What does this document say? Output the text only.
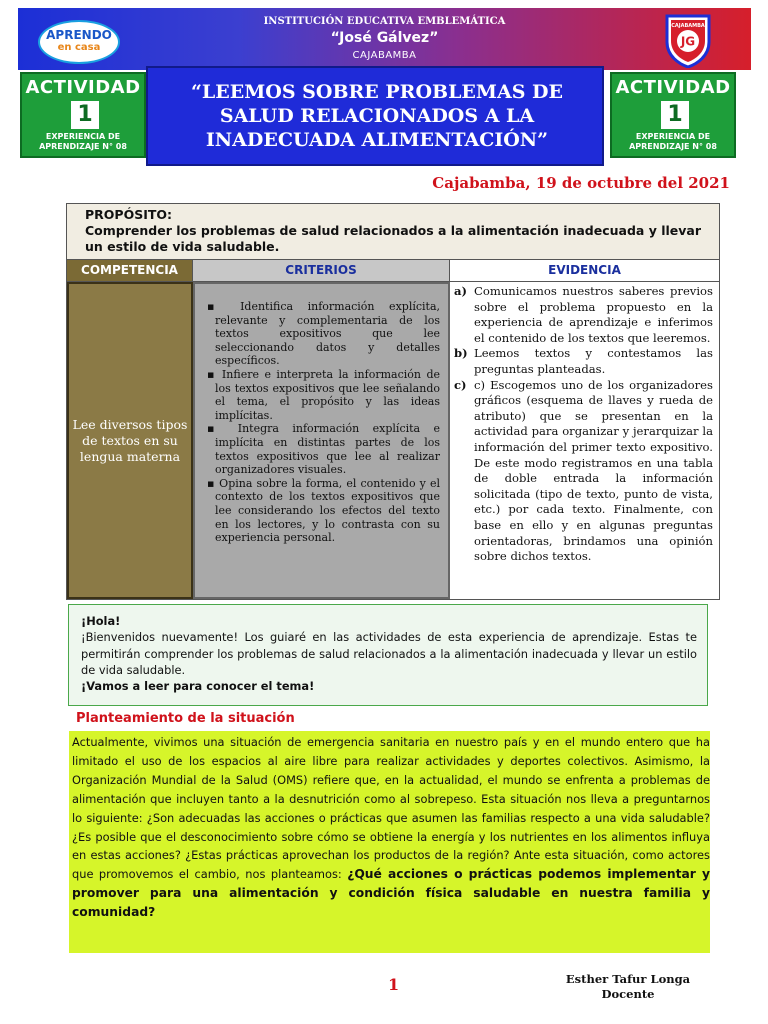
INSTITUCIÓN EDUCATIVA EMBLEMÁTICA
“José Gálvez”
CAJABAMBA
APRENDO
en casa	JG
CAJABAMBA
ACTIVIDAD
1
EXPERIENCIA DE
APRENDIZAJE N° 08
“LEEMOS SOBRE PROBLEMAS DE SALUD RELACIONADOS A LA INADECUADA ALIMENTACIÓN”
ACTIVIDAD
1
EXPERIENCIA DE
APRENDIZAJE N° 08
Cajabamba, 19 de octubre del 2021
PROPÓSITO:
Comprender los problemas de salud relacionados a la alimentación inadecuada y llevar un estilo de vida saludable.
COMPETENCIA	CRITERIOS	EVIDENCIA
Lee diversos tipos de textos en su lengua materna
▪ Identifica información explícita, relevante y complementaria de los textos expositivos que lee seleccionando datos y detalles específicos.
▪ Infiere e interpreta la información de los textos expositivos que lee señalando el tema, el propósito y las ideas implícitas.
▪ Integra información explícita e implícita en distintas partes de los textos expositivos que lee al realizar organizadores visuales.
▪ Opina sobre la forma, el contenido y el contexto de los textos expositivos que lee considerando los efectos del texto en los lectores, y lo contrasta con su experiencia personal.
a) Comunicamos nuestros saberes previos sobre el problema propuesto en la experiencia de aprendizaje e inferimos el contenido de los textos que leeremos.
b) Leemos textos y contestamos las preguntas planteadas.
c) c) Escogemos uno de los organizadores gráficos (esquema de llaves y rueda de atributo) que se presentan en la actividad para organizar y jerarquizar la información del primer texto expositivo. De este modo registramos en una tabla de doble entrada la información solicitada (tipo de texto, punto de vista, etc.) por cada texto. Finalmente, con base en ello y en algunas preguntas orientadoras, brindamos una opinión sobre dichos textos.
¡Hola!
¡Bienvenidos nuevamente! Los guiaré en las actividades de esta experiencia de aprendizaje. Estas te permitirán comprender los problemas de salud relacionados a la alimentación inadecuada y llevar un estilo de vida saludable.
¡Vamos a leer para conocer el tema!
Planteamiento de la situación
Actualmente, vivimos una situación de emergencia sanitaria en nuestro país y en el mundo entero que ha limitado el uso de los espacios al aire libre para realizar actividades y deportes colectivos. Asimismo, la Organización Mundial de la Salud (OMS) refiere que, en la actualidad, el mundo se enfrenta a problemas de alimentación que incluyen tanto a la desnutrición como al sobrepeso. Esta situación nos lleva a preguntarnos lo siguiente: ¿Son adecuadas las acciones o prácticas que asumen las familias respecto a una vida saludable? ¿Es posible que el desconocimiento sobre cómo se obtiene la energía y los nutrientes en los alimentos influya en estas acciones? ¿Estas prácticas aprovechan los productos de la región? Ante esta situación, como actores que promovemos el cambio, nos planteamos: ¿Qué acciones o prácticas podemos implementar y promover para una alimentación y condición física saludable en nuestra familia y comunidad?
1	Esther Tafur Longa
Docente
